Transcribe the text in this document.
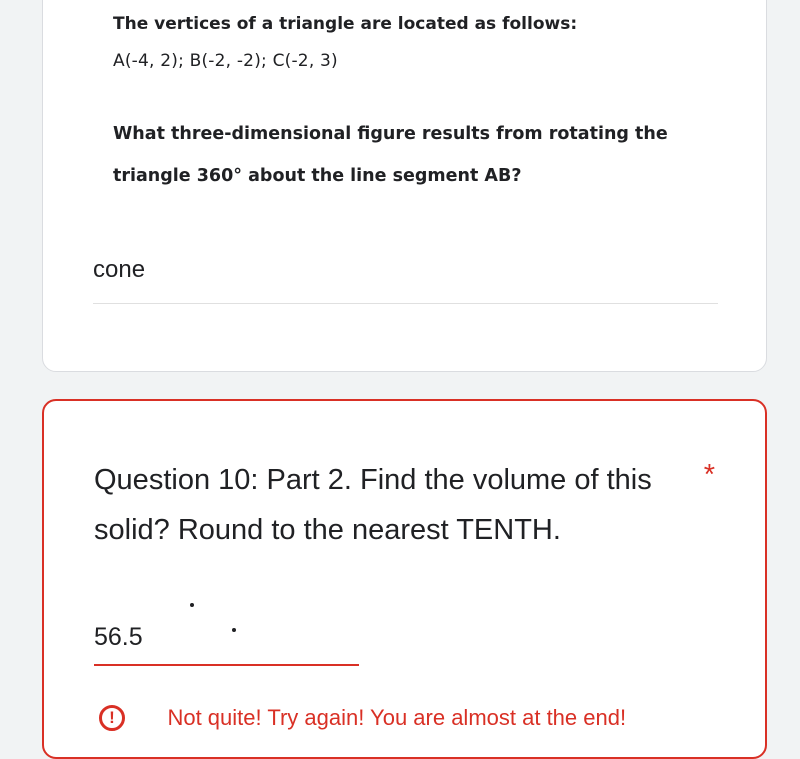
The vertices of a triangle are located as follows:
A(-4, 2); B(-2, -2); C(-2, 3)
What three-dimensional figure results from rotating the
triangle 360° about the line segment AB?
cone
Question 10: Part 2. Find the volume of this solid? Round to the nearest TENTH.
*
56.5
! Not quite! Try again! You are almost at the end!
